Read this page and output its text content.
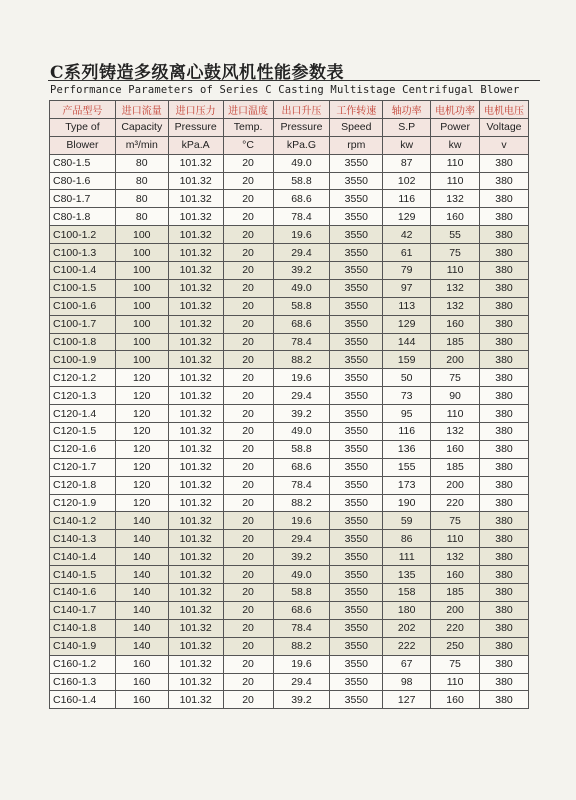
C系列铸造多级离心鼓风机性能参数表
Performance Parameters of Series C Casting Multistage Centrifugal Blower
产品型号	进口流量	进口压力	进口温度	出口升压	工作转速	轴功率	电机功率	电机电压
Type of	Capacity	Pressure	Temp.	Pressure	Speed	S.P	Power	Voltage
Blower	m³/min	kPa.A	°C	kPa.G	rpm	kw	kw	v
C80-1.5	80	101.32	20	49.0	3550	87	110	380
C80-1.6	80	101.32	20	58.8	3550	102	110	380
C80-1.7	80	101.32	20	68.6	3550	116	132	380
C80-1.8	80	101.32	20	78.4	3550	129	160	380
C100-1.2	100	101.32	20	19.6	3550	42	55	380
C100-1.3	100	101.32	20	29.4	3550	61	75	380
C100-1.4	100	101.32	20	39.2	3550	79	110	380
C100-1.5	100	101.32	20	49.0	3550	97	132	380
C100-1.6	100	101.32	20	58.8	3550	113	132	380
C100-1.7	100	101.32	20	68.6	3550	129	160	380
C100-1.8	100	101.32	20	78.4	3550	144	185	380
C100-1.9	100	101.32	20	88.2	3550	159	200	380
C120-1.2	120	101.32	20	19.6	3550	50	75	380
C120-1.3	120	101.32	20	29.4	3550	73	90	380
C120-1.4	120	101.32	20	39.2	3550	95	110	380
C120-1.5	120	101.32	20	49.0	3550	116	132	380
C120-1.6	120	101.32	20	58.8	3550	136	160	380
C120-1.7	120	101.32	20	68.6	3550	155	185	380
C120-1.8	120	101.32	20	78.4	3550	173	200	380
C120-1.9	120	101.32	20	88.2	3550	190	220	380
C140-1.2	140	101.32	20	19.6	3550	59	75	380
C140-1.3	140	101.32	20	29.4	3550	86	110	380
C140-1.4	140	101.32	20	39.2	3550	111	132	380
C140-1.5	140	101.32	20	49.0	3550	135	160	380
C140-1.6	140	101.32	20	58.8	3550	158	185	380
C140-1.7	140	101.32	20	68.6	3550	180	200	380
C140-1.8	140	101.32	20	78.4	3550	202	220	380
C140-1.9	140	101.32	20	88.2	3550	222	250	380
C160-1.2	160	101.32	20	19.6	3550	67	75	380
C160-1.3	160	101.32	20	29.4	3550	98	110	380
C160-1.4	160	101.32	20	39.2	3550	127	160	380
